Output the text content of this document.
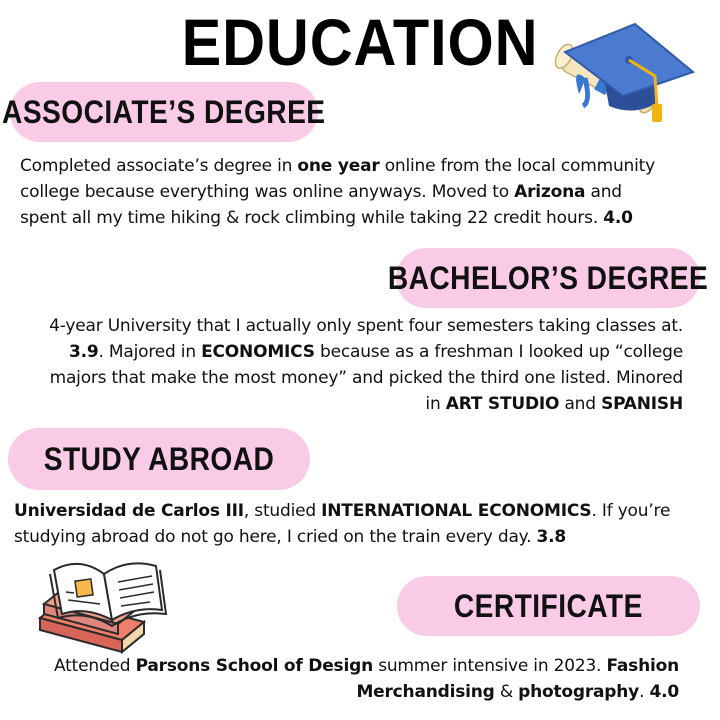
EDUCATION
ASSOCIATE’S DEGREE
Completed associate’s degree in one year online from the local community college because everything was online anyways. Moved to Arizona and spent all my time hiking & rock climbing while taking 22 credit hours. 4.0
BACHELOR’S DEGREE
4-year University that I actually only spent four semesters taking classes at. 3.9. Majored in ECONOMICS because as a freshman I looked up “college majors that make the most money” and picked the third one listed. Minored in ART STUDIO and SPANISH
STUDY ABROAD
Universidad de Carlos III, studied INTERNATIONAL ECONOMICS. If you’re studying abroad do not go here, I cried on the train every day. 3.8
CERTIFICATE
Attended Parsons School of Design summer intensive in 2023. Fashion Merchandising & photography. 4.0
